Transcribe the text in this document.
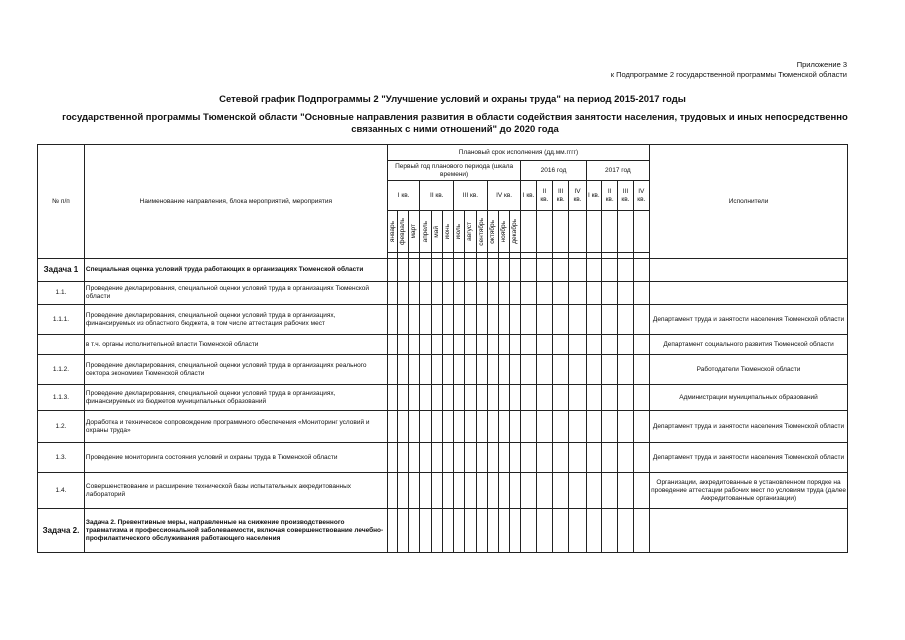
Приложение 3
к Подпрограмме 2 государственной программы Тюменской области
Сетевой график Подпрограммы 2 "Улучшение условий и охраны труда" на период 2015-2017 годы
государственной программы Тюменской области "Основные направления развития в области содействия занятости населения, трудовых и иных непосредственно связанных с ними отношений" до 2020 года
№ п/п	Наименование направления, блока мероприятий, мероприятия	Плановый срок исполнения (дд.мм.гггг)																				Исполнители
		Первый год планового периода (шкала времени)												2016 год				2017 год				
		I кв.			II кв.			III кв.			IV кв.			I кв.	II кв.	III кв.	IV кв.	I кв.	II кв.	III кв.	IV кв.	

		январь	февраль	март	апрель	май	июнь	июль	август	сентябрь	октябрь	ноябрь	декабрь									

Задача 1	Специальная оценка условий труда работающих в организациях Тюменской области																					
1.1.	Проведение декларирования, специальной оценки условий труда в организациях Тюменской области																					
1.1.1.	Проведение декларирования, специальной оценки условий труда в организациях, финансируемых из областного бюджета, в том числе аттестация рабочих мест																					Департамент труда и занятости населения Тюменской области
	в т.ч. органы исполнительной власти Тюменской области																					Департамент социального развития Тюменской области
1.1.2.	Проведение декларирования, специальной оценки условий труда в организациях реального сектора экономики Тюменской области																					Работодатели Тюменской области
1.1.3.	Проведение декларирования, специальной оценки условий труда в организациях, финансируемых из бюджетов муниципальных образований																					Администрации муниципальных образований
1.2.	Доработка и техническое сопровождение программного обеспечения «Мониторинг условий и охраны труда»																					Департамент труда и занятости населения Тюменской области
1.3.	Проведение мониторинга состояния условий и охраны труда в Тюменской области																					Департамент труда и занятости населения Тюменской области
1.4.	Совершенствование и расширение технической базы испытательных аккредитованных лабораторий																					Организации, аккредитованные в установленном порядке на проведение аттестации рабочих мест по условиям труда (далее Аккредитованные организации)
Задача 2.	Задача 2. Превентивные меры, направленные на снижение производственного травматизма и профессиональной заболеваемости, включая совершенствование лечебно-профилактического обслуживания работающего населения																					
